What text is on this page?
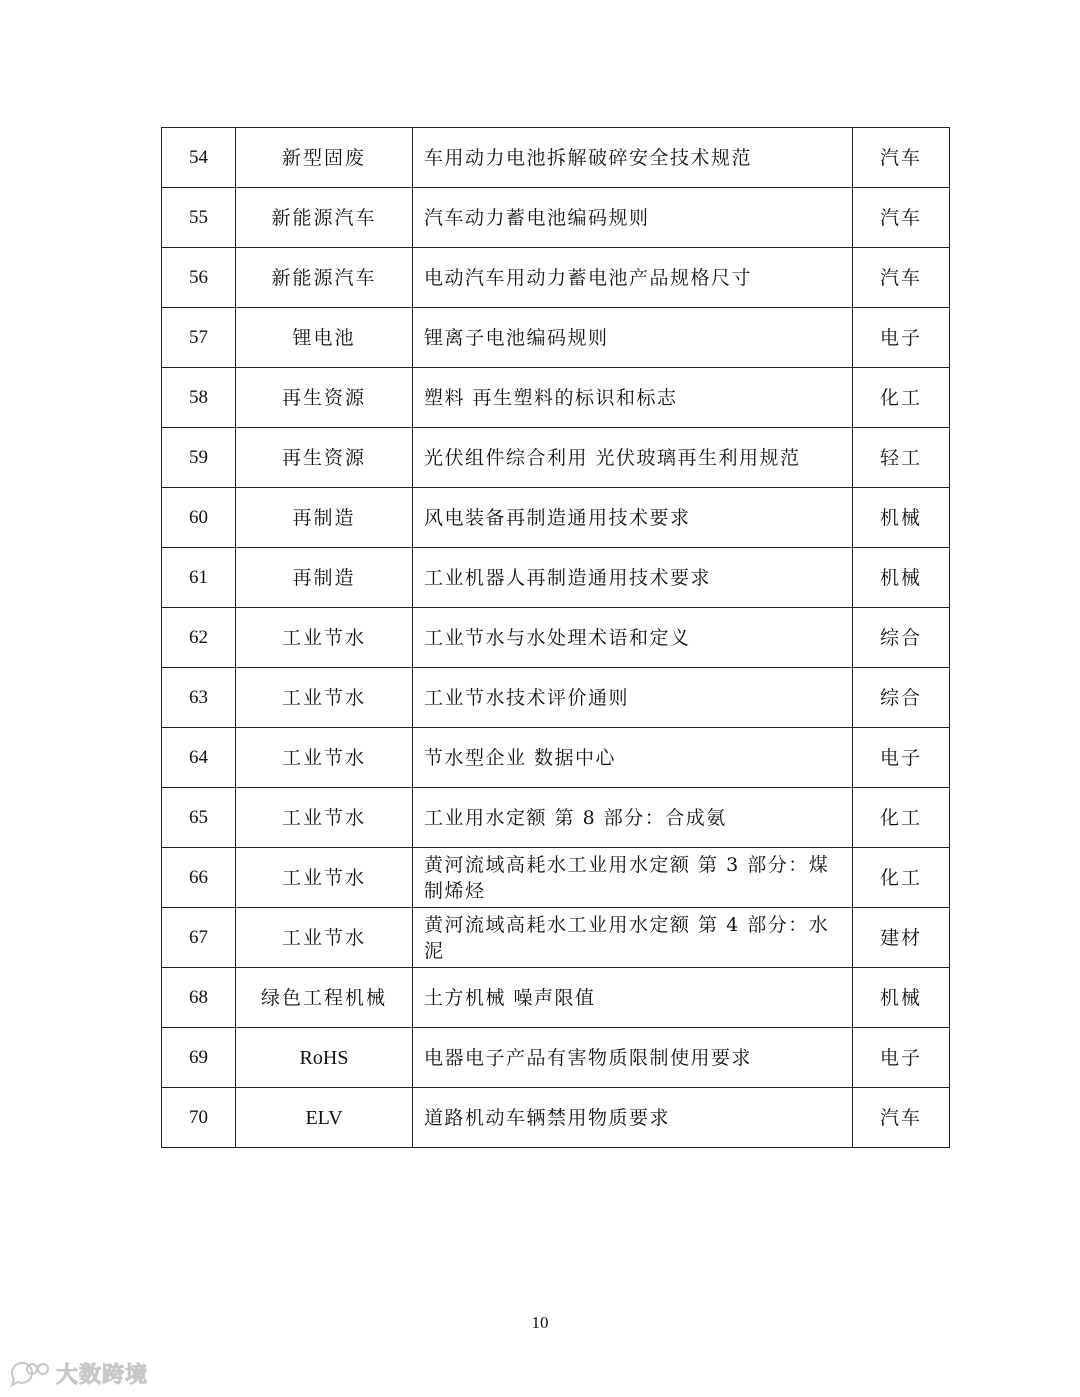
54	新型固废	车用动力电池拆解破碎安全技术规范	汽车
55	新能源汽车	汽车动力蓄电池编码规则	汽车
56	新能源汽车	电动汽车用动力蓄电池产品规格尺寸	汽车
57	锂电池	锂离子电池编码规则	电子
58	再生资源	塑料 再生塑料的标识和标志	化工
59	再生资源	光伏组件综合利用 光伏玻璃再生利用规范	轻工
60	再制造	风电装备再制造通用技术要求	机械
61	再制造	工业机器人再制造通用技术要求	机械
62	工业节水	工业节水与水处理术语和定义	综合
63	工业节水	工业节水技术评价通则	综合
64	工业节水	节水型企业 数据中心	电子
65	工业节水	工业用水定额 第 8 部分：合成氨	化工
66	工业节水	黄河流域高耗水工业用水定额 第 3 部分：煤制烯烃	化工
67	工业节水	黄河流域高耗水工业用水定额 第 4 部分：水泥	建材
68	绿色工程机械	土方机械 噪声限值	机械
69	RoHS	电器电子产品有害物质限制使用要求	电子
70	ELV	道路机动车辆禁用物质要求	汽车
10
大数跨境
